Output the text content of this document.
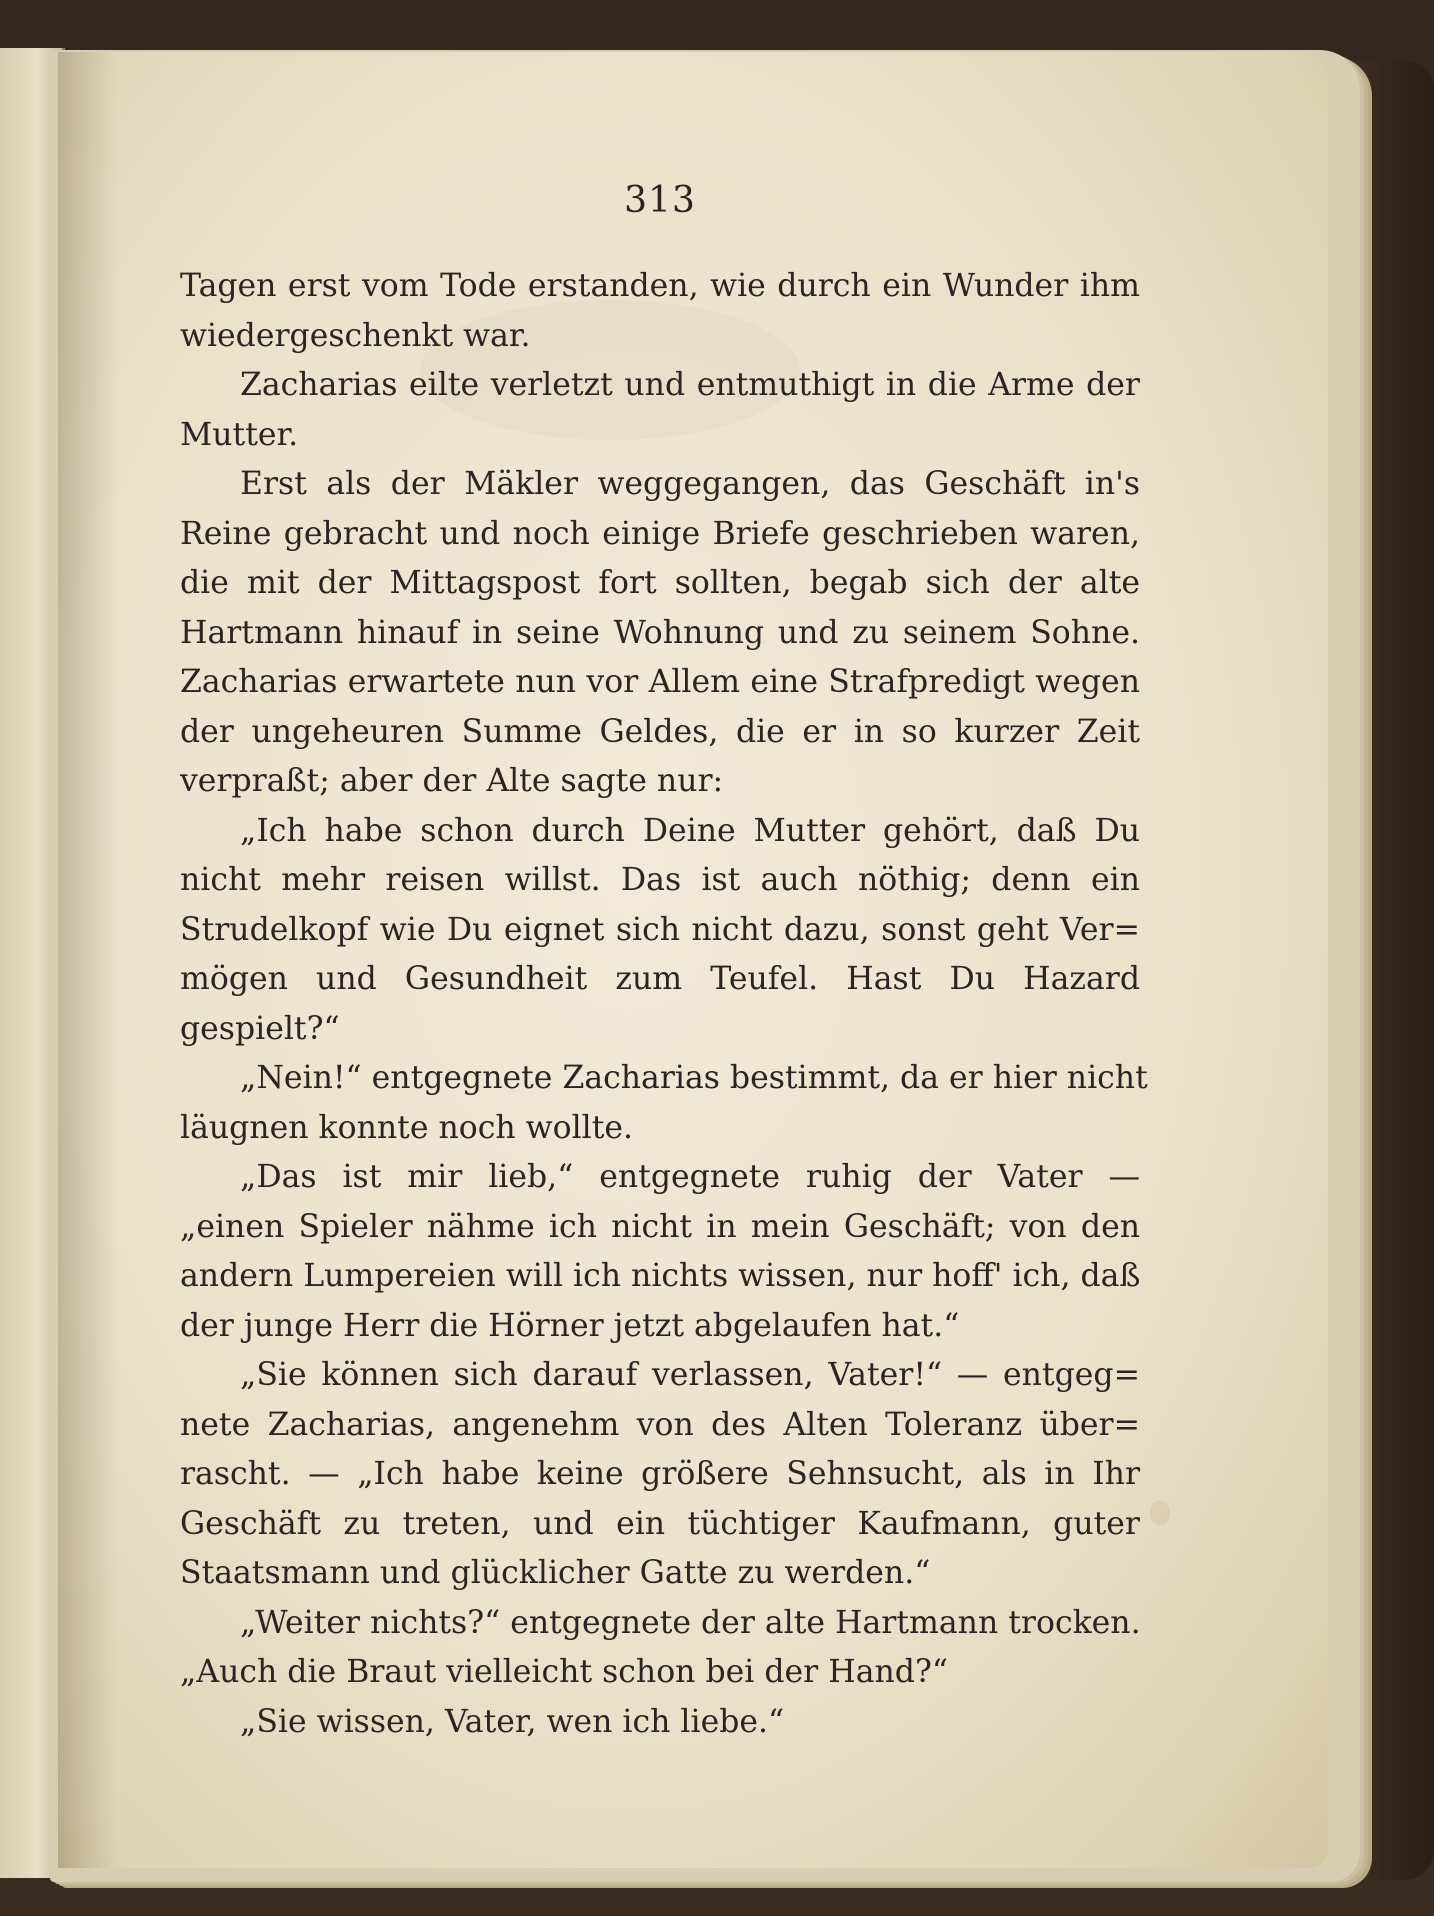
313
Tagen erst vom Tode erstanden, wie durch ein Wunder ihm
wiedergeschenkt war.
Zacharias eilte verletzt und entmuthigt in die Arme der
Mutter.
Erst als der Mäkler weggegangen, das Geschäft in's
Reine gebracht und noch einige Briefe geschrieben waren,
die mit der Mittagspost fort sollten, begab sich der alte
Hartmann hinauf in seine Wohnung und zu seinem Sohne.
Zacharias erwartete nun vor Allem eine Strafpredigt wegen
der ungeheuren Summe Geldes, die er in so kurzer Zeit
verpraßt; aber der Alte sagte nur:
„Ich habe schon durch Deine Mutter gehört, daß Du
nicht mehr reisen willst. Das ist auch nöthig; denn ein
Strudelkopf wie Du eignet sich nicht dazu, sonst geht Ver=
mögen und Gesundheit zum Teufel. Hast Du Hazard
gespielt?“
„Nein!“ entgegnete Zacharias bestimmt, da er hier nicht
läugnen konnte noch wollte.
„Das ist mir lieb,“ entgegnete ruhig der Vater —
„einen Spieler nähme ich nicht in mein Geschäft; von den
andern Lumpereien will ich nichts wissen, nur hoff' ich, daß
der junge Herr die Hörner jetzt abgelaufen hat.“
„Sie können sich darauf verlassen, Vater!“ — entgeg=
nete Zacharias, angenehm von des Alten Toleranz über=
rascht. — „Ich habe keine größere Sehnsucht, als in Ihr
Geschäft zu treten, und ein tüchtiger Kaufmann, guter
Staatsmann und glücklicher Gatte zu werden.“
„Weiter nichts?“ entgegnete der alte Hartmann trocken.
„Auch die Braut vielleicht schon bei der Hand?“
„Sie wissen, Vater, wen ich liebe.“
